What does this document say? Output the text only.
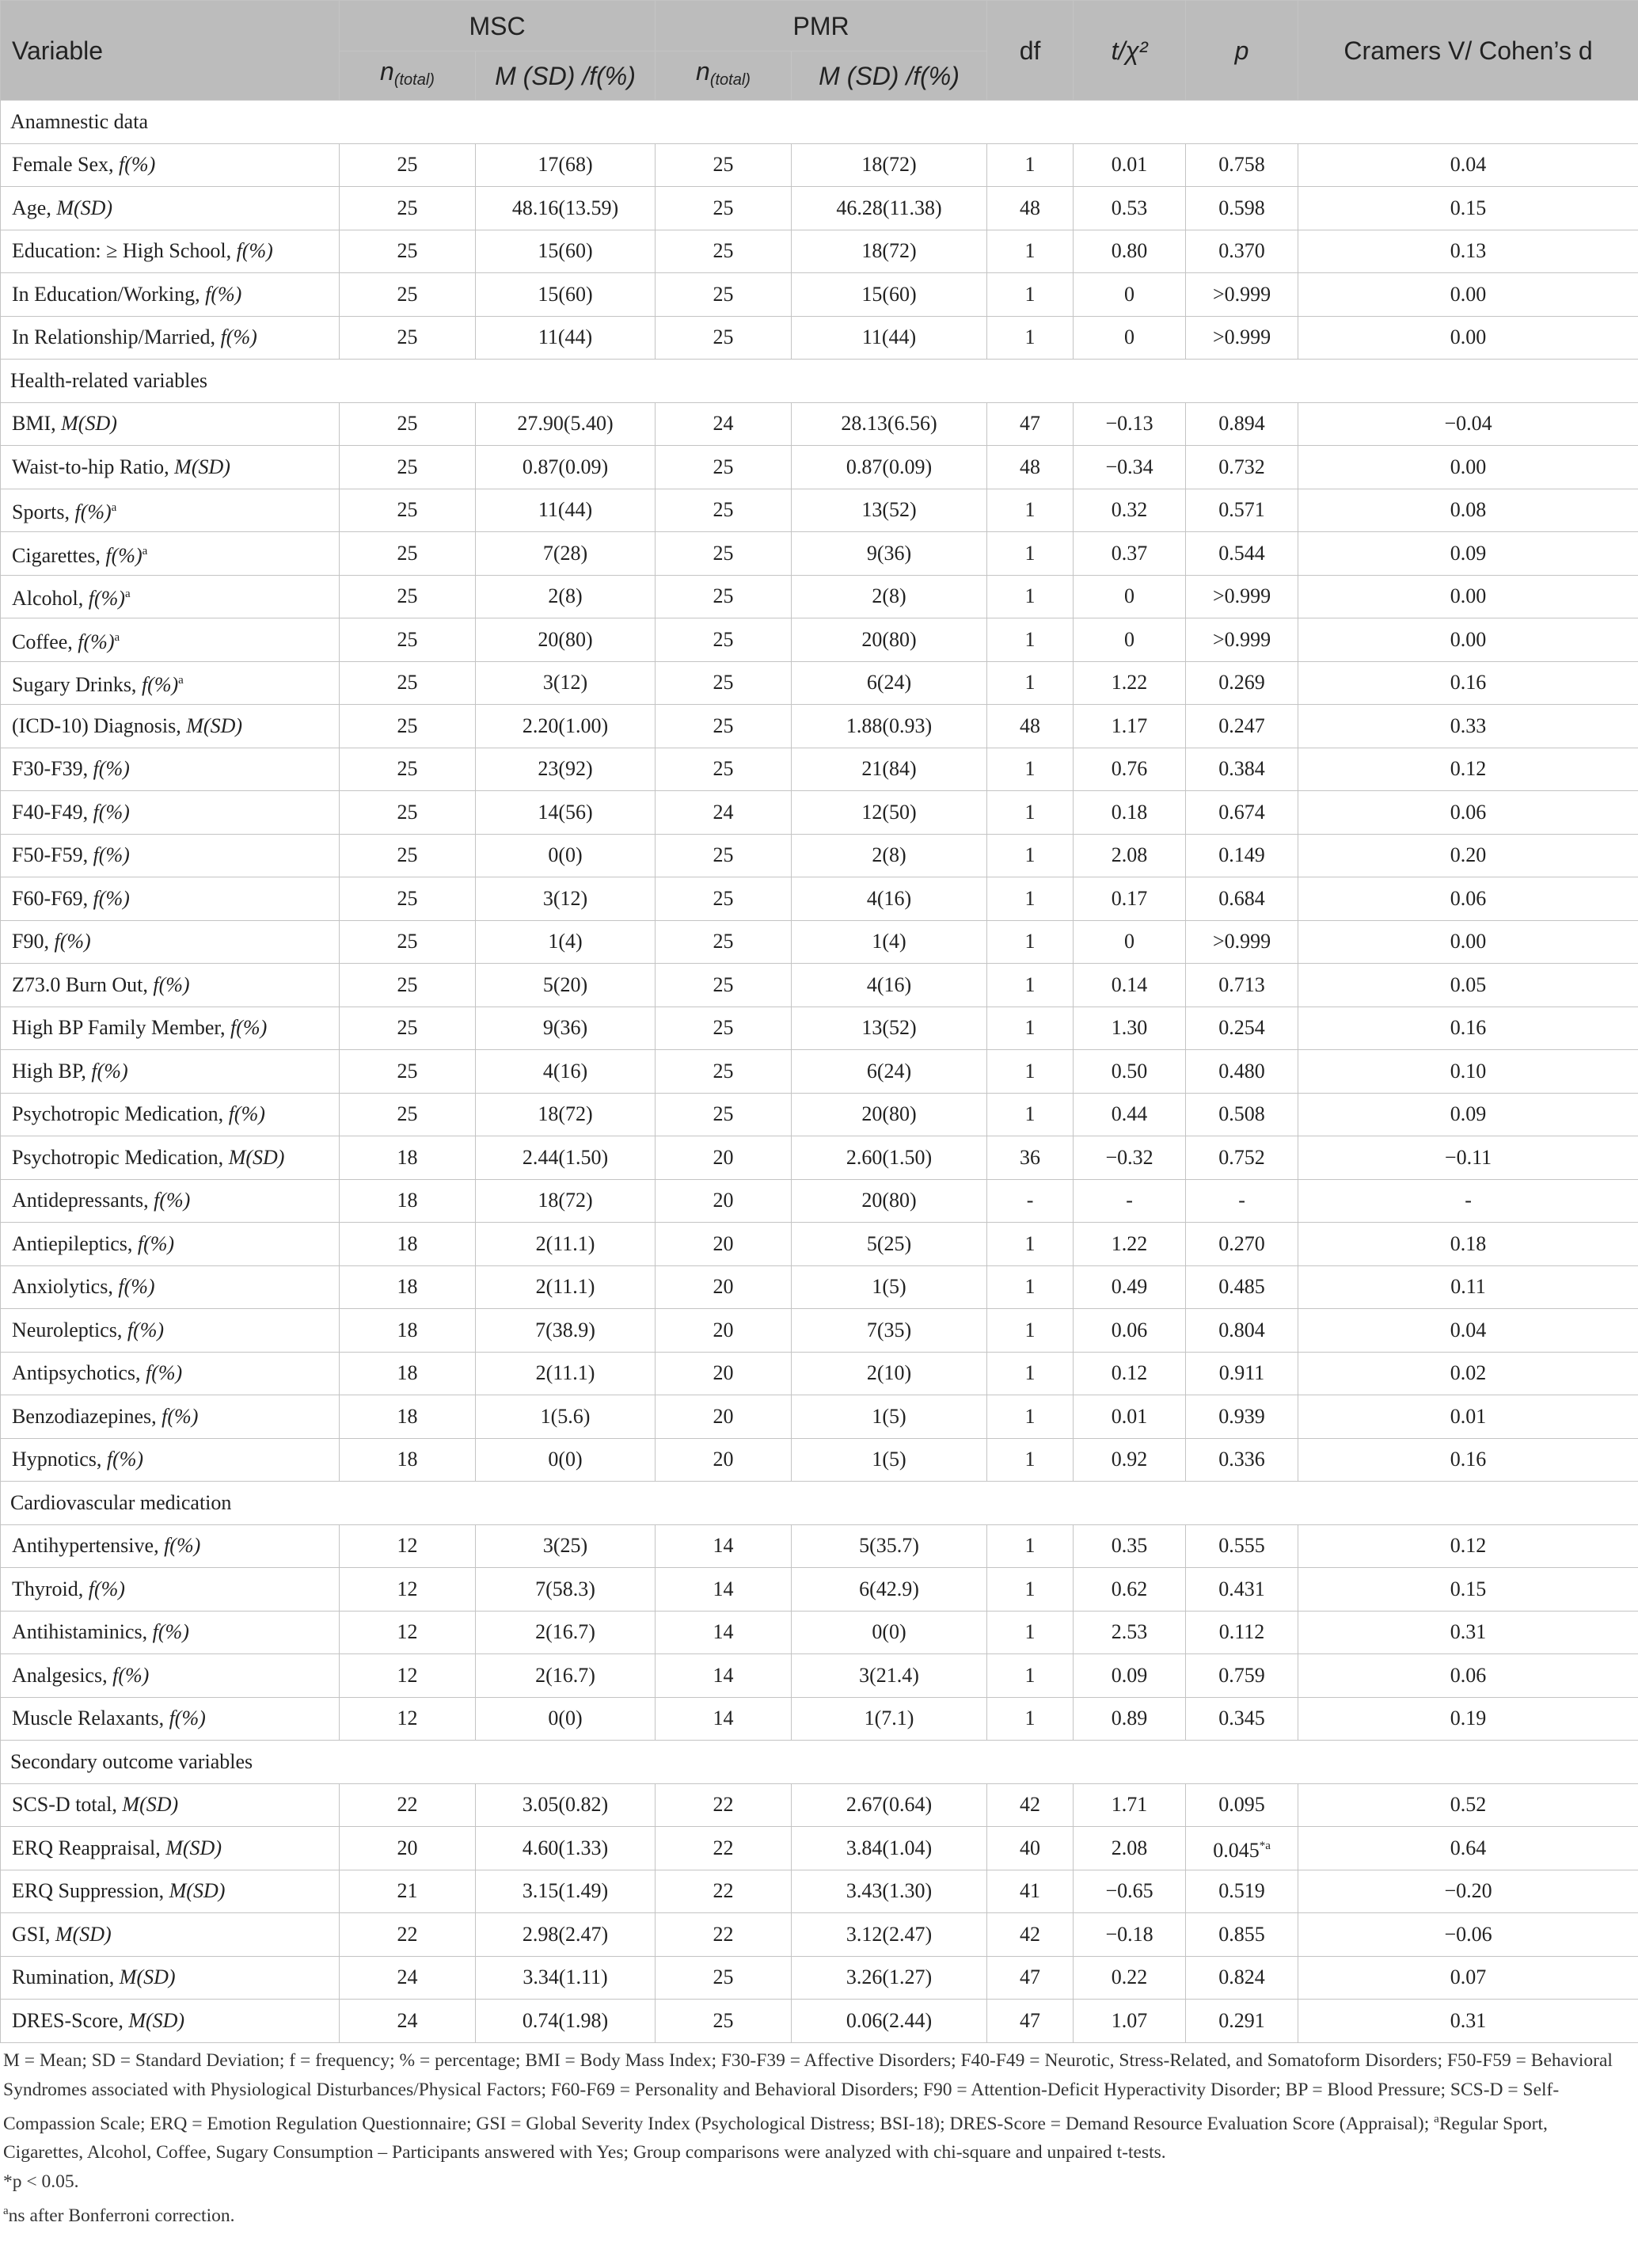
Variable	MSC		PMR		df	t/χ²	p	Cramers V/ Cohen’s d
	$n_{(total)}$	M (SD) /f(%)	$n_{(total)}$	M (SD) /f(%)				
Anamnestic data								
Female Sex, f(%)	25	17(68)	25	18(72)	1	0.01	0.758	0.04
Age, M(SD)	25	48.16(13.59)	25	46.28(11.38)	48	0.53	0.598	0.15
Education: ≥ High School, f(%)	25	15(60)	25	18(72)	1	0.80	0.370	0.13
In Education/Working, f(%)	25	15(60)	25	15(60)	1	0	>0.999	0.00
In Relationship/Married, f(%)	25	11(44)	25	11(44)	1	0	>0.999	0.00
Health-related variables								
BMI, M(SD)	25	27.90(5.40)	24	28.13(6.56)	47	−0.13	0.894	−0.04
Waist-to-hip Ratio, M(SD)	25	0.87(0.09)	25	0.87(0.09)	48	−0.34	0.732	0.00
Sports, f(%)$^a$	25	11(44)	25	13(52)	1	0.32	0.571	0.08
Cigarettes, f(%)$^a$	25	7(28)	25	9(36)	1	0.37	0.544	0.09
Alcohol, f(%)$^a$	25	2(8)	25	2(8)	1	0	>0.999	0.00
Coffee, f(%)$^a$	25	20(80)	25	20(80)	1	0	>0.999	0.00
Sugary Drinks, f(%)$^a$	25	3(12)	25	6(24)	1	1.22	0.269	0.16
(ICD-10) Diagnosis, M(SD)	25	2.20(1.00)	25	1.88(0.93)	48	1.17	0.247	0.33
F30-F39, f(%)	25	23(92)	25	21(84)	1	0.76	0.384	0.12
F40-F49, f(%)	25	14(56)	24	12(50)	1	0.18	0.674	0.06
F50-F59, f(%)	25	0(0)	25	2(8)	1	2.08	0.149	0.20
F60-F69, f(%)	25	3(12)	25	4(16)	1	0.17	0.684	0.06
F90, f(%)	25	1(4)	25	1(4)	1	0	>0.999	0.00
Z73.0 Burn Out, f(%)	25	5(20)	25	4(16)	1	0.14	0.713	0.05
High BP Family Member, f(%)	25	9(36)	25	13(52)	1	1.30	0.254	0.16
High BP, f(%)	25	4(16)	25	6(24)	1	0.50	0.480	0.10
Psychotropic Medication, f(%)	25	18(72)	25	20(80)	1	0.44	0.508	0.09
Psychotropic Medication, M(SD)	18	2.44(1.50)	20	2.60(1.50)	36	−0.32	0.752	−0.11
Antidepressants, f(%)	18	18(72)	20	20(80)	-	-	-	-
Antiepileptics, f(%)	18	2(11.1)	20	5(25)	1	1.22	0.270	0.18
Anxiolytics, f(%)	18	2(11.1)	20	1(5)	1	0.49	0.485	0.11
Neuroleptics, f(%)	18	7(38.9)	20	7(35)	1	0.06	0.804	0.04
Antipsychotics, f(%)	18	2(11.1)	20	2(10)	1	0.12	0.911	0.02
Benzodiazepines, f(%)	18	1(5.6)	20	1(5)	1	0.01	0.939	0.01
Hypnotics, f(%)	18	0(0)	20	1(5)	1	0.92	0.336	0.16
Cardiovascular medication								
Antihypertensive, f(%)	12	3(25)	14	5(35.7)	1	0.35	0.555	0.12
Thyroid, f(%)	12	7(58.3)	14	6(42.9)	1	0.62	0.431	0.15
Antihistaminics, f(%)	12	2(16.7)	14	0(0)	1	2.53	0.112	0.31
Analgesics, f(%)	12	2(16.7)	14	3(21.4)	1	0.09	0.759	0.06
Muscle Relaxants, f(%)	12	0(0)	14	1(7.1)	1	0.89	0.345	0.19
Secondary outcome variables								
SCS-D total, M(SD)	22	3.05(0.82)	22	2.67(0.64)	42	1.71	0.095	0.52
ERQ Reappraisal, M(SD)	20	4.60(1.33)	22	3.84(1.04)	40	2.08	0.045$^{*a}$	0.64
ERQ Suppression, M(SD)	21	3.15(1.49)	22	3.43(1.30)	41	−0.65	0.519	−0.20
GSI, M(SD)	22	2.98(2.47)	22	3.12(2.47)	42	−0.18	0.855	−0.06
Rumination, M(SD)	24	3.34(1.11)	25	3.26(1.27)	47	0.22	0.824	0.07
DRES-Score, M(SD)	24	0.74(1.98)	25	0.06(2.44)	47	1.07	0.291	0.31

M = Mean; SD = Standard Deviation; f = frequency; % = percentage; BMI = Body Mass Index; F30-F39 = Affective Disorders; F40-F49 = Neurotic, Stress-Related, and Somatoform Disorders; F50-F59 = Behavioral Syndromes associated with Physiological Disturbances/Physical Factors; F60-F69 = Personality and Behavioral Disorders; F90 = Attention-Deficit Hyperactivity Disorder; BP = Blood Pressure; SCS-D = Self-Compassion Scale; ERQ = Emotion Regulation Questionnaire; GSI = Global Severity Index (Psychological Distress; BSI-18); DRES-Score = Demand Resource Evaluation Score (Appraisal); $^a$Regular Sport, Cigarettes, Alcohol, Coffee, Sugary Consumption – Participants answered with Yes; Group comparisons were analyzed with chi-square and unpaired t-tests.

*p < 0.05.

$^a$ns after Bonferroni correction.
